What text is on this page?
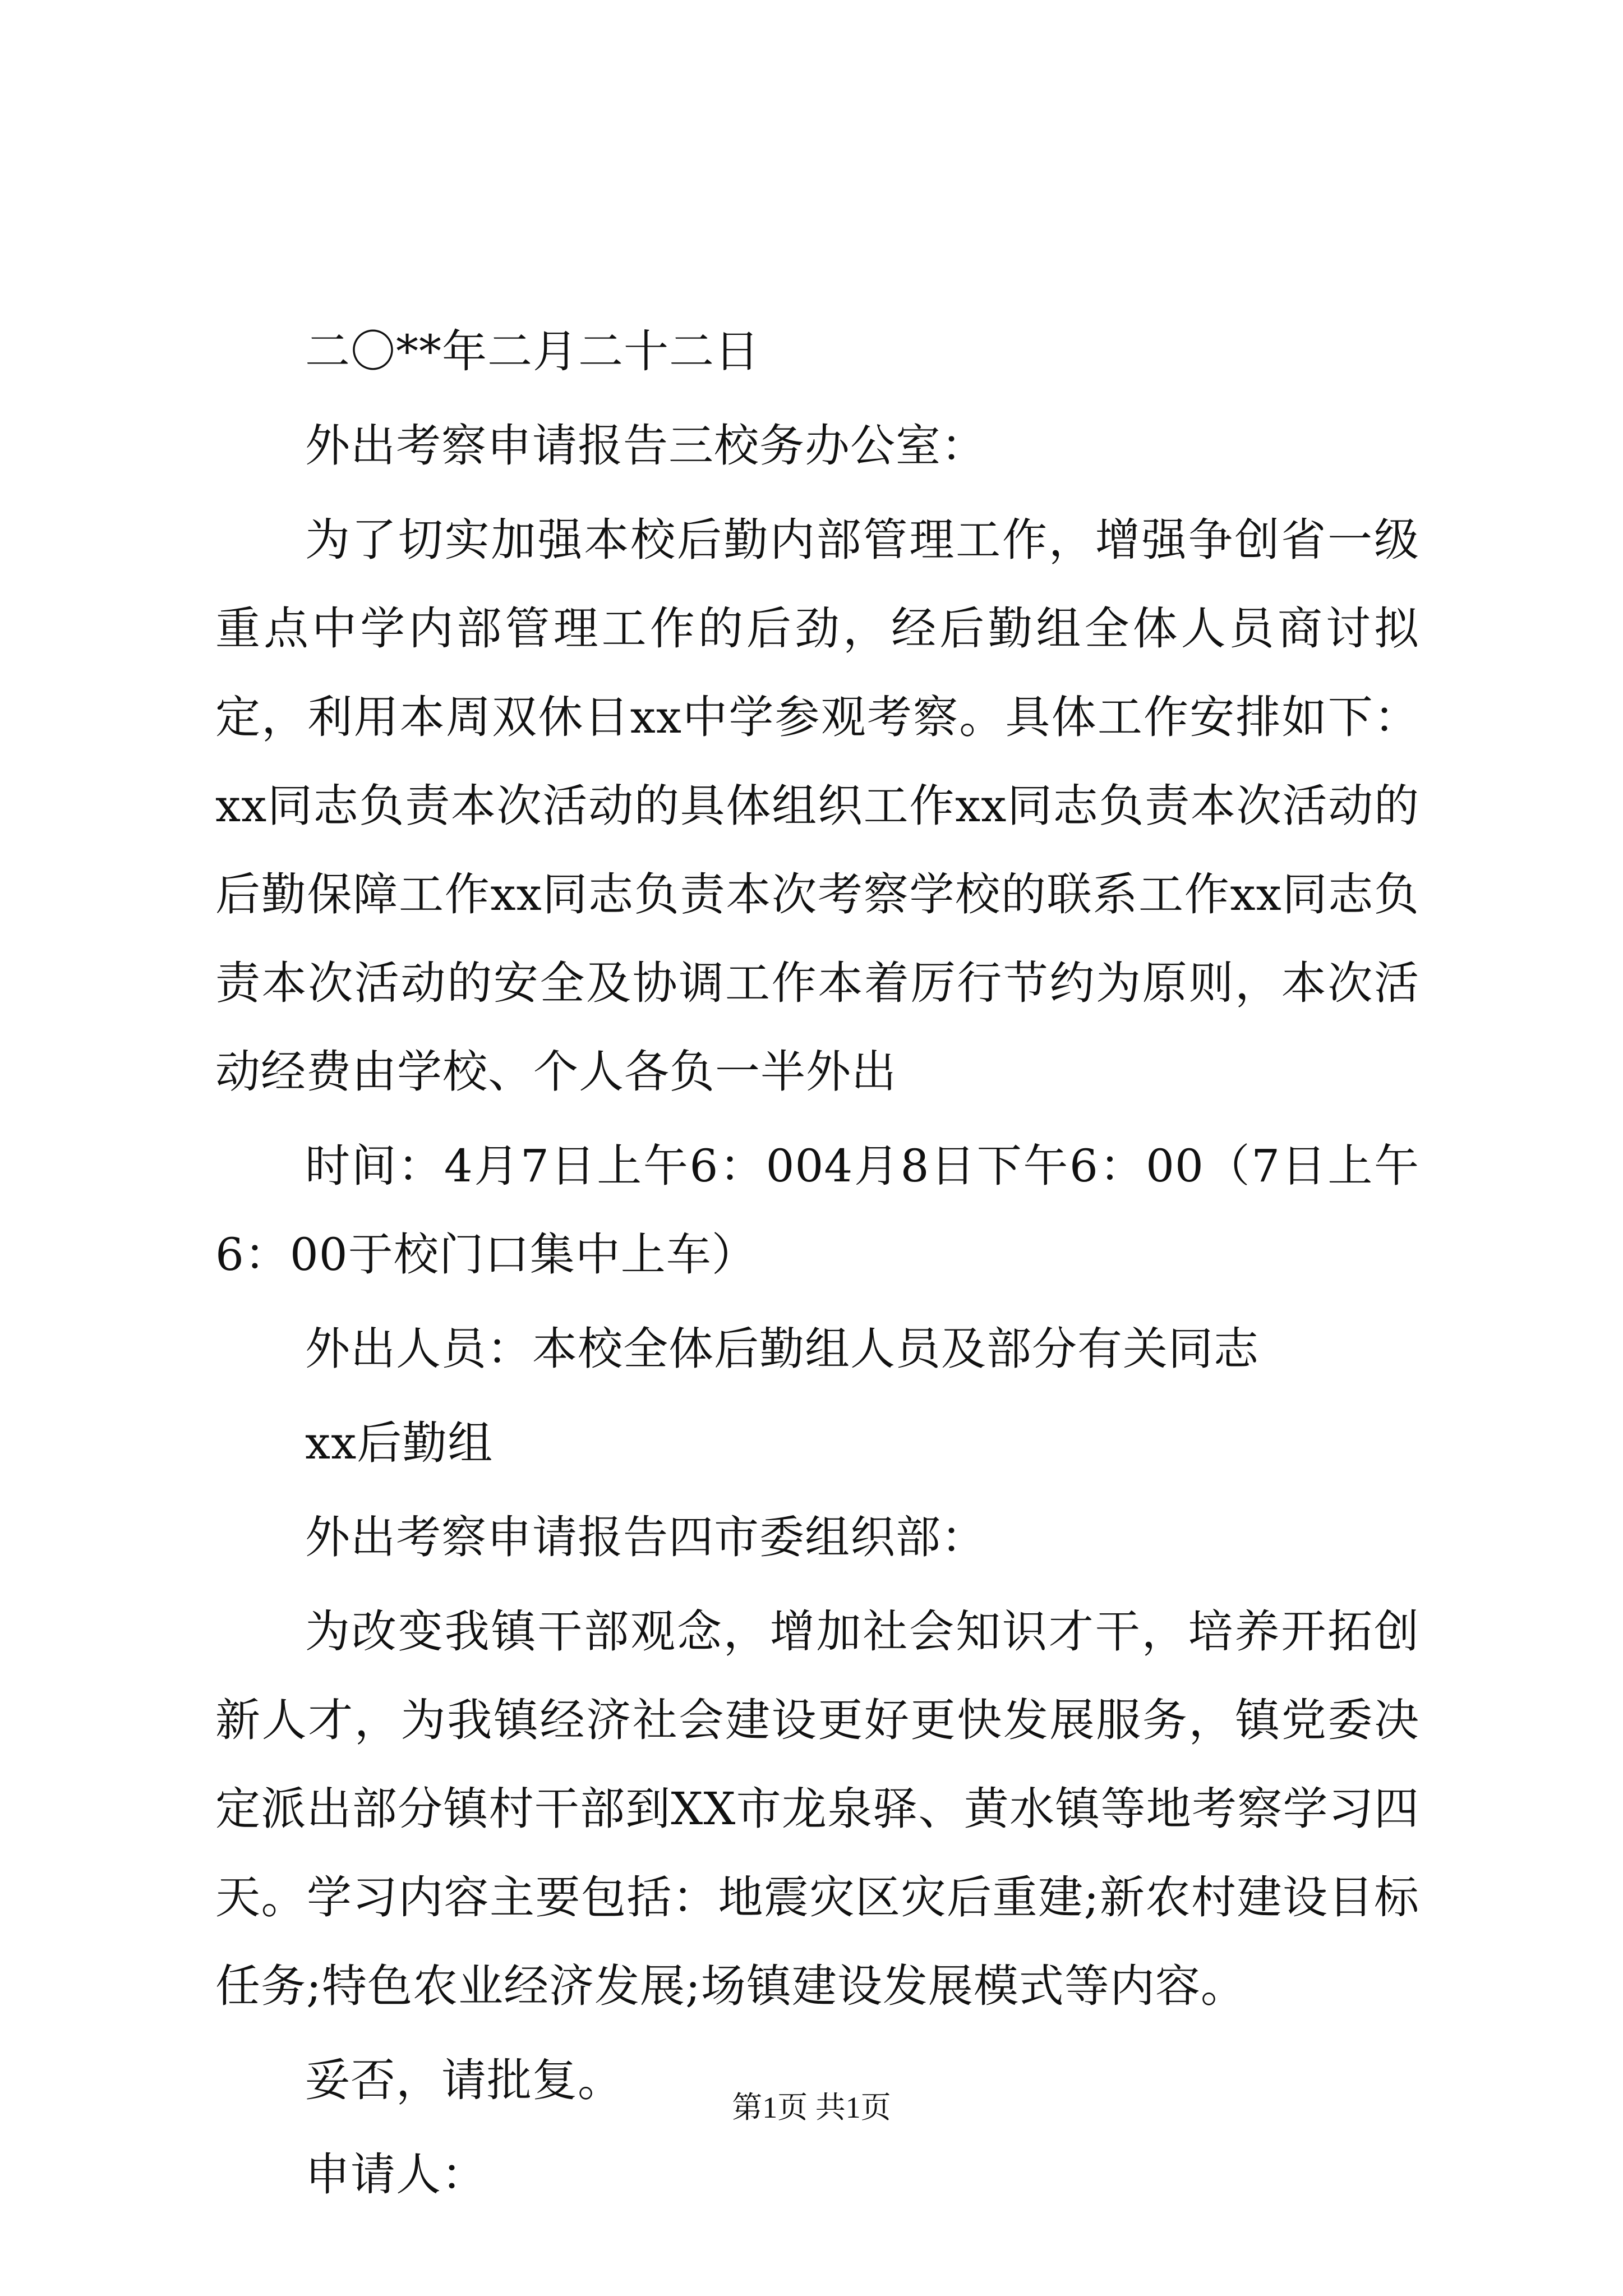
二〇**年二月二十二日

外出考察申请报告三校务办公室：

为了切实加强本校后勤内部管理工作，增强争创省一级重点中学内部管理工作的后劲，经后勤组全体人员商讨拟定，利用本周双休日xx中学参观考察。具体工作安排如下：xx同志负责本次活动的具体组织工作xx同志负责本次活动的后勤保障工作xx同志负责本次考察学校的联系工作xx同志负责本次活动的安全及协调工作本着厉行节约为原则，本次活动经费由学校、个人各负一半外出

时间：4月7日上午6：004月8日下午6：00（7日上午6：00于校门口集中上车）

外出人员：本校全体后勤组人员及部分有关同志

xx后勤组

外出考察申请报告四市委组织部：

为改变我镇干部观念，增加社会知识才干，培养开拓创新人才，为我镇经济社会建设更好更快发展服务，镇党委决定派出部分镇村干部到XX市龙泉驿、黄水镇等地考察学习四天。学习内容主要包括：地震灾区灾后重建;新农村建设目标任务;特色农业经济发展;场镇建设发展模式等内容。

妥否，请批复。

申请人：

第1页 共1页
